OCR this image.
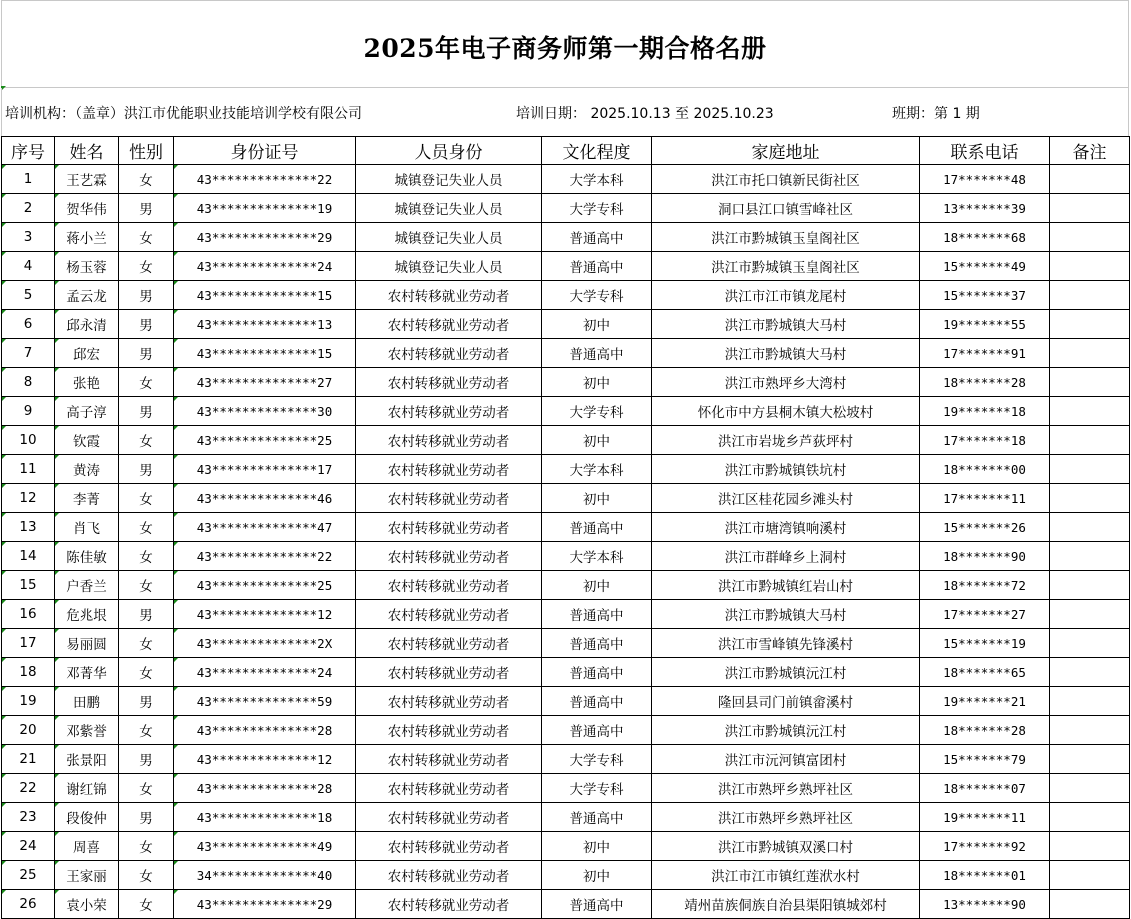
2025年电子商务师第一期合格名册
培训机构：（盖章）洪江市优能职业技能培训学校有限公司	培训日期： 2025.10.13 至 2025.10.23	班期：第 1 期
序号	姓名	性别	身份证号	人员身份	文化程度	家庭地址	联系电话	备注
1	王艺霖	女	43**************22	城镇登记失业人员	大学本科	洪江市托口镇新民街社区	17*******48	
2	贺华伟	男	43**************19	城镇登记失业人员	大学专科	洞口县江口镇雪峰社区	13*******39	
3	蒋小兰	女	43**************29	城镇登记失业人员	普通高中	洪江市黔城镇玉皇阁社区	18*******68	
4	杨玉蓉	女	43**************24	城镇登记失业人员	普通高中	洪江市黔城镇玉皇阁社区	15*******49	
5	孟云龙	男	43**************15	农村转移就业劳动者	大学专科	洪江市江市镇龙尾村	15*******37	
6	邱永清	男	43**************13	农村转移就业劳动者	初中	洪江市黔城镇大马村	19*******55	
7	邱宏	男	43**************15	农村转移就业劳动者	普通高中	洪江市黔城镇大马村	17*******91	
8	张艳	女	43**************27	农村转移就业劳动者	初中	洪江市熟坪乡大湾村	18*******28	
9	高子淳	男	43**************30	农村转移就业劳动者	大学专科	怀化市中方县桐木镇大松坡村	19*******18	
10	钦霞	女	43**************25	农村转移就业劳动者	初中	洪江市岩垅乡芦荻坪村	17*******18	
11	黄涛	男	43**************17	农村转移就业劳动者	大学本科	洪江市黔城镇铁坑村	18*******00	
12	李菁	女	43**************46	农村转移就业劳动者	初中	洪江区桂花园乡滩头村	17*******11	
13	肖飞	女	43**************47	农村转移就业劳动者	普通高中	洪江市塘湾镇响溪村	15*******26	
14	陈佳敏	女	43**************22	农村转移就业劳动者	大学本科	洪江市群峰乡上洞村	18*******90	
15	户香兰	女	43**************25	农村转移就业劳动者	初中	洪江市黔城镇红岩山村	18*******72	
16	危兆垠	男	43**************12	农村转移就业劳动者	普通高中	洪江市黔城镇大马村	17*******27	
17	易丽圆	女	43**************2X	农村转移就业劳动者	普通高中	洪江市雪峰镇先锋溪村	15*******19	
18	邓菁华	女	43**************24	农村转移就业劳动者	普通高中	洪江市黔城镇沅江村	18*******65	
19	田鹏	男	43**************59	农村转移就业劳动者	普通高中	隆回县司门前镇畲溪村	19*******21	
20	邓紫誉	女	43**************28	农村转移就业劳动者	普通高中	洪江市黔城镇沅江村	18*******28	
21	张景阳	男	43**************12	农村转移就业劳动者	大学专科	洪江市沅河镇富团村	15*******79	
22	谢红锦	女	43**************28	农村转移就业劳动者	大学专科	洪江市熟坪乡熟坪社区	18*******07	
23	段俊仲	男	43**************18	农村转移就业劳动者	普通高中	洪江市熟坪乡熟坪社区	19*******11	
24	周喜	女	43**************49	农村转移就业劳动者	初中	洪江市黔城镇双溪口村	17*******92	
25	王家丽	女	34**************40	农村转移就业劳动者	初中	洪江市江市镇红莲洑水村	18*******01	
26	袁小荣	女	43**************29	农村转移就业劳动者	普通高中	靖州苗族侗族自治县渠阳镇城郊村	13*******90	
